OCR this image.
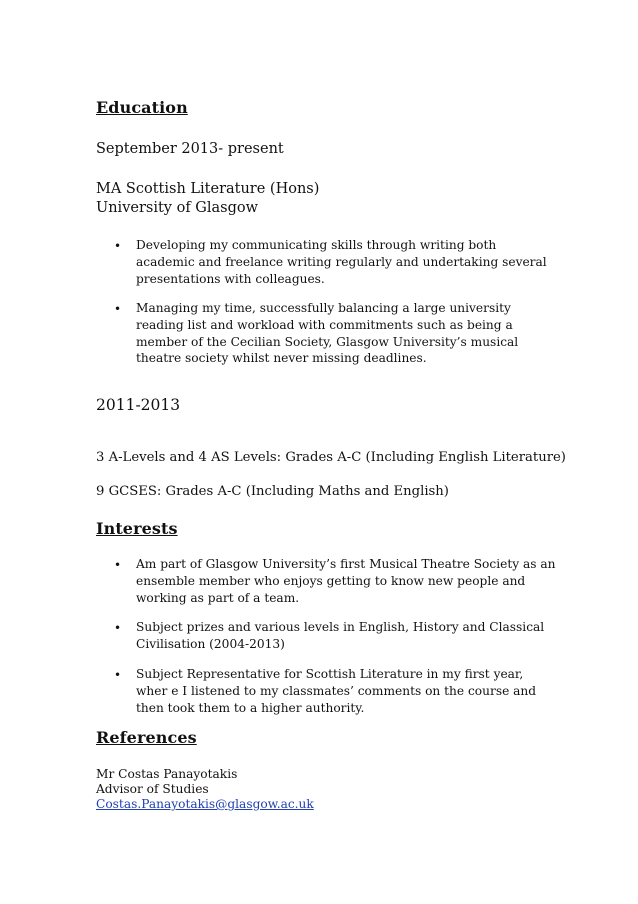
Education
September 2013- present
MA Scottish Literature (Hons)
University of Glasgow
• Developing my communicating skills through writing both academic and freelance writing regularly and undertaking several presentations with colleagues.
• Managing my time, successfully balancing a large university reading list and workload with commitments such as being a member of the Cecilian Society, Glasgow University’s musical theatre society whilst never missing deadlines.
2011-2013
3 A-Levels and 4 AS Levels: Grades A-C (Including English Literature)
9 GCSES: Grades A-C (Including Maths and English)
Interests
• Am part of Glasgow University’s first Musical Theatre Society as an ensemble member who enjoys getting to know new people and working as part of a team.
• Subject prizes and various levels in English, History and Classical Civilisation (2004-2013)
• Subject Representative for Scottish Literature in my first year, wher e I listened to my classmates’ comments on the course and then took them to a higher authority.
References
Mr Costas Panayotakis
Advisor of Studies
Costas.Panayotakis@glasgow.ac.uk
